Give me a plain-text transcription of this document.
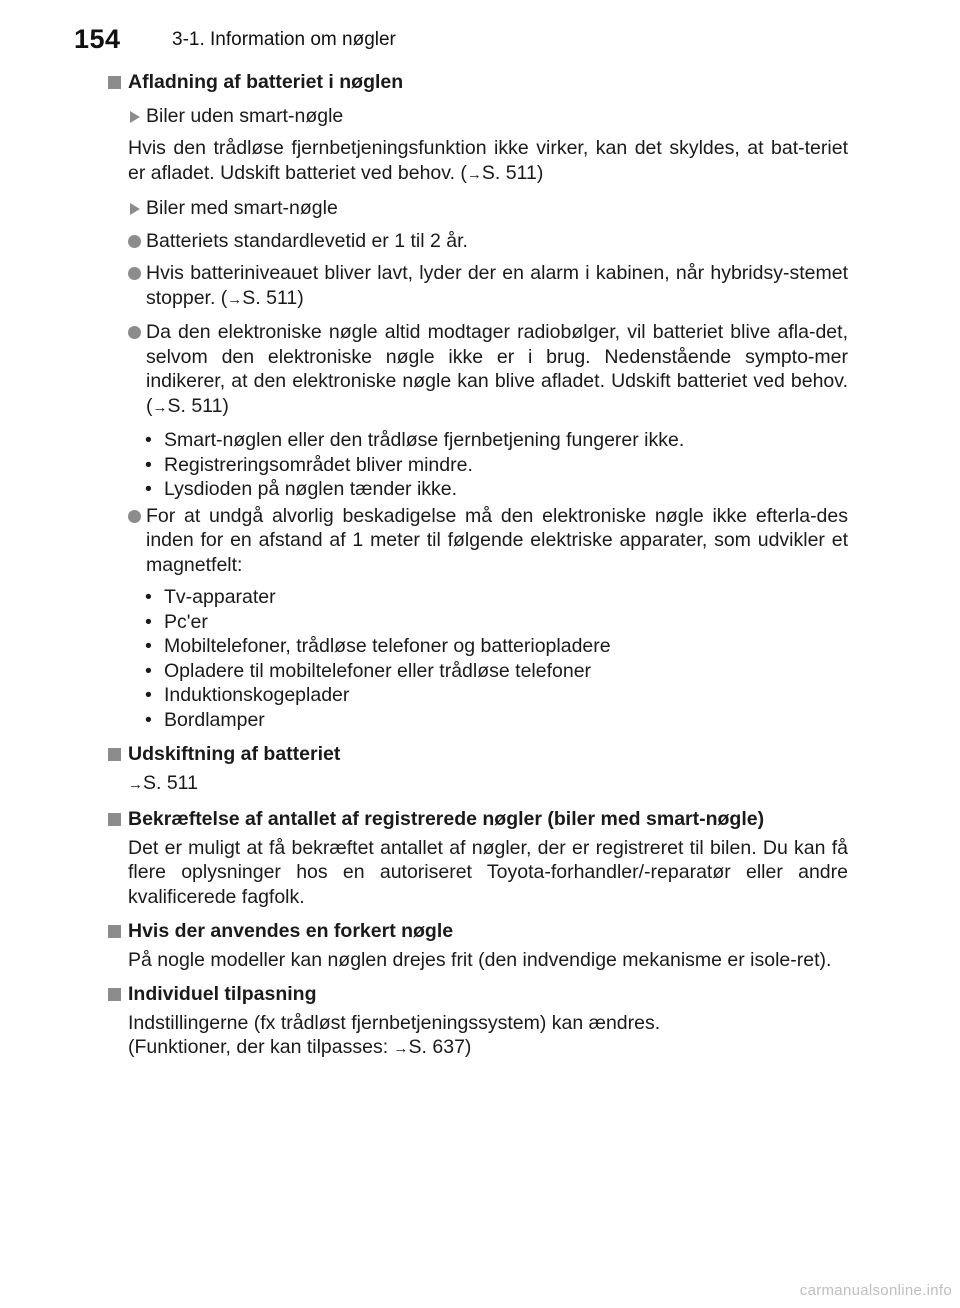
154	3-1. Information om nøgler
Afladning af batteriet i nøglen
Biler uden smart-nøgle
Hvis den trådløse fjernbetjeningsfunktion ikke virker, kan det skyldes, at bat-teriet er afladet. Udskift batteriet ved behov. (→S. 511)
Biler med smart-nøgle
Batteriets standardlevetid er 1 til 2 år.
Hvis batteriniveauet bliver lavt, lyder der en alarm i kabinen, når hybridsy-stemet stopper. (→S. 511)
Da den elektroniske nøgle altid modtager radiobølger, vil batteriet blive afla-det, selvom den elektroniske nøgle ikke er i brug. Nedenstående sympto-mer indikerer, at den elektroniske nøgle kan blive afladet. Udskift batteriet ved behov. (→S. 511)
• Smart-nøglen eller den trådløse fjernbetjening fungerer ikke.
• Registreringsområdet bliver mindre.
• Lysdioden på nøglen tænder ikke.
For at undgå alvorlig beskadigelse må den elektroniske nøgle ikke efterla-des inden for en afstand af 1 meter til følgende elektriske apparater, som udvikler et magnetfelt:
• Tv-apparater
• Pc'er
• Mobiltelefoner, trådløse telefoner og batteriopladere
• Opladere til mobiltelefoner eller trådløse telefoner
• Induktionskogeplader
• Bordlamper
Udskiftning af batteriet
→S. 511
Bekræftelse af antallet af registrerede nøgler (biler med smart-nøgle)
Det er muligt at få bekræftet antallet af nøgler, der er registreret til bilen. Du kan få flere oplysninger hos en autoriseret Toyota-forhandler/-reparatør eller andre kvalificerede fagfolk.
Hvis der anvendes en forkert nøgle
På nogle modeller kan nøglen drejes frit (den indvendige mekanisme er isole-ret).
Individuel tilpasning
Indstillingerne (fx trådløst fjernbetjeningssystem) kan ændres.
(Funktioner, der kan tilpasses: →S. 637)
carmanualsonline.info
